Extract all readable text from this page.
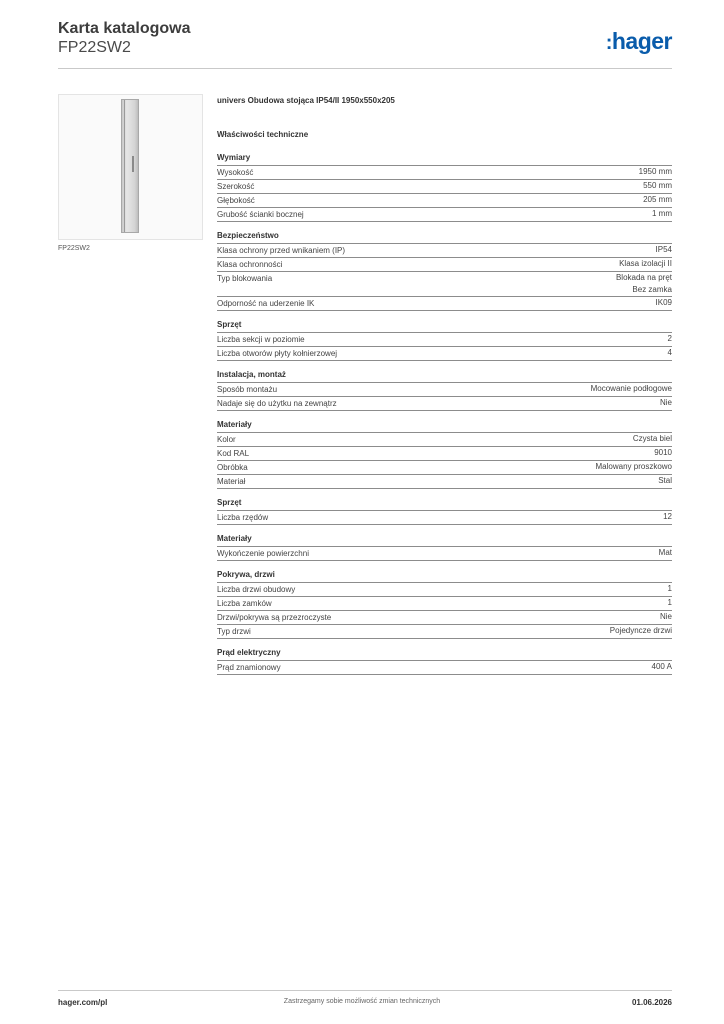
Karta katalogowa
FP22SW2	:hager
FP22SW2
univers Obudowa stojąca IP54/II 1950x550x205
Właściwości techniczne
Wymiary
Wysokość	1950 mm
Szerokość	550 mm
Głębokość	205 mm
Grubość ścianki bocznej	1 mm
Bezpieczeństwo
Klasa ochrony przed wnikaniem (IP)	IP54
Klasa ochronności	Klasa izolacji II
Typ blokowania	Blokada na pręt
Bez zamka
Odporność na uderzenie IK	IK09
Sprzęt
Liczba sekcji w poziomie	2
Liczba otworów płyty kołnierzowej	4
Instalacja, montaż
Sposób montażu	Mocowanie podłogowe
Nadaje się do użytku na zewnątrz	Nie
Materiały
Kolor	Czysta biel
Kod RAL	9010
Obróbka	Malowany proszkowo
Materiał	Stal
Sprzęt
Liczba rzędów	12
Materiały
Wykończenie powierzchni	Mat
Pokrywa, drzwi
Liczba drzwi obudowy	1
Liczba zamków	1
Drzwi/pokrywa są przezroczyste	Nie
Typ drzwi	Pojedyncze drzwi
Prąd elektryczny
Prąd znamionowy	400 A
hager.com/pl	Zastrzegamy sobie możliwość zmian technicznych	01.06.2026
